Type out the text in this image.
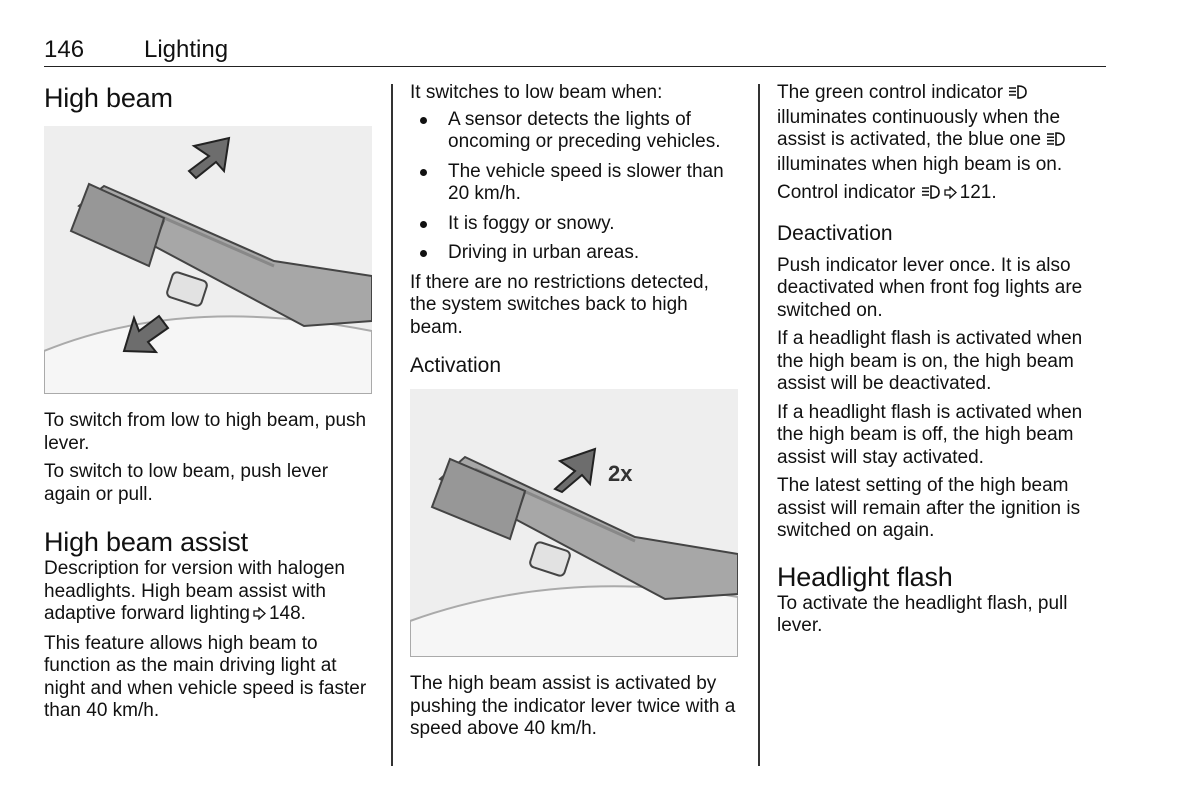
146 Lighting
High beam

To switch from low to high beam, push lever.

To switch to low beam, push lever again or pull.

High beam assist

Description for version with halogen headlights. High beam assist with adaptive forward lighting 148.

This feature allows high beam to function as the main driving light at night and when vehicle speed is faster than 40 km/h.

It switches to low beam when:

A sensor detects the lights of oncoming or preceding vehicles.
The vehicle speed is slower than 20 km/h.
It is foggy or snowy.
Driving in urban areas.

If there are no restrictions detected, the system switches back to high beam.

Activation
2x

The high beam assist is activated by pushing the indicator lever twice with a speed above 40 km/h.

The green control indicator
illuminates continuously when the assist is activated, the blue one  illuminates when high beam is on.

Control indicator 121.

Deactivation

Push indicator lever once. It is also deactivated when front fog lights are switched on.

If a headlight flash is activated when the high beam is on, the high beam assist will be deactivated.

If a headlight flash is activated when the high beam is off, the high beam assist will stay activated.

The latest setting of the high beam assist will remain after the ignition is switched on again.

Headlight flash

To activate the headlight flash, pull lever.
